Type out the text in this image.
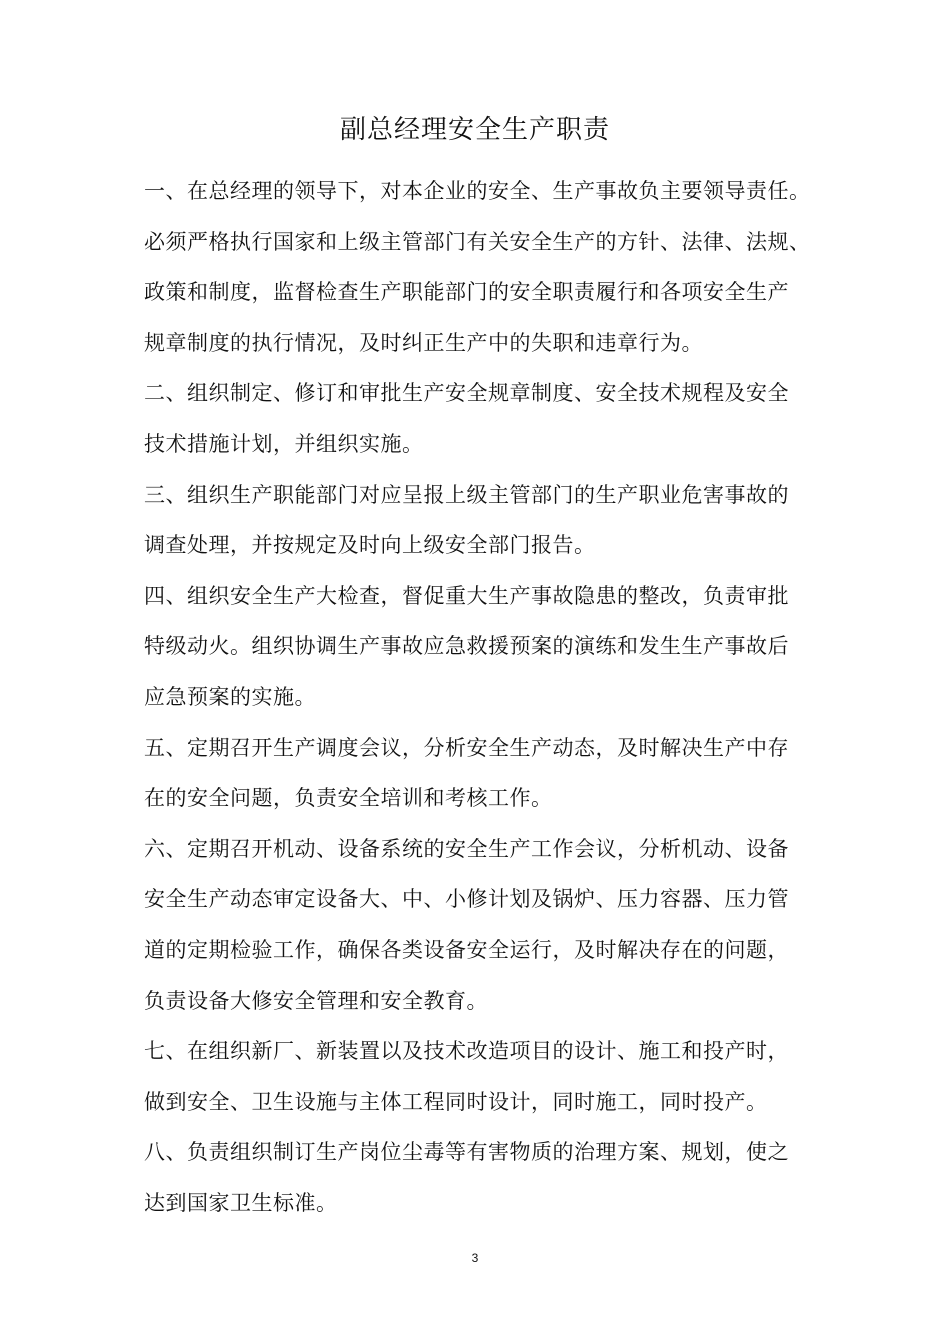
副总经理安全生产职责
一、在总经理的领导下，对本企业的安全、生产事故负主要领导责任。
必须严格执行国家和上级主管部门有关安全生产的方针、法律、法规、
政策和制度，监督检查生产职能部门的安全职责履行和各项安全生产
规章制度的执行情况，及时纠正生产中的失职和违章行为。
二、组织制定、修订和审批生产安全规章制度、安全技术规程及安全
技术措施计划，并组织实施。
三、组织生产职能部门对应呈报上级主管部门的生产职业危害事故的
调查处理，并按规定及时向上级安全部门报告。
四、组织安全生产大检查，督促重大生产事故隐患的整改，负责审批
特级动火。组织协调生产事故应急救援预案的演练和发生生产事故后
应急预案的实施。
五、定期召开生产调度会议，分析安全生产动态，及时解决生产中存
在的安全问题，负责安全培训和考核工作。
六、定期召开机动、设备系统的安全生产工作会议，分析机动、设备
安全生产动态审定设备大、中、小修计划及锅炉、压力容器、压力管
道的定期检验工作，确保各类设备安全运行，及时解决存在的问题，
负责设备大修安全管理和安全教育。
七、在组织新厂、新装置以及技术改造项目的设计、施工和投产时，
做到安全、卫生设施与主体工程同时设计，同时施工，同时投产。
八、负责组织制订生产岗位尘毒等有害物质的治理方案、规划，使之
达到国家卫生标准。
3
